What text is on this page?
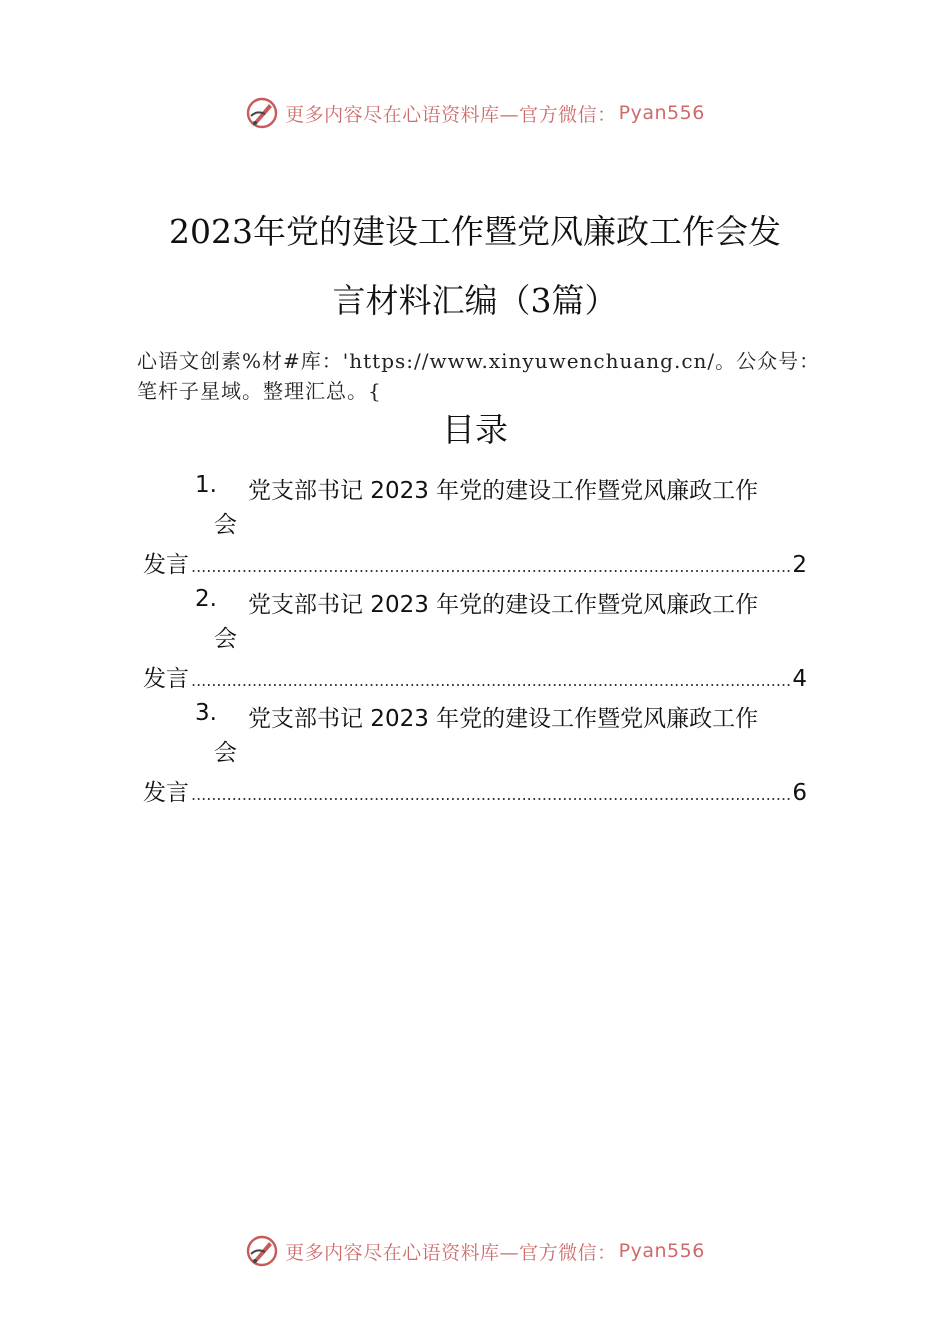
更多内容尽在心语资料库—官方微信： Pyan556
2023年党的建设工作暨党风廉政工作会发
言材料汇编（3篇）
心语文创素%材#库：'https://www.xinyuwenchuang.cn/。公众号：笔杆子星域。整理汇总。{
目录
1. 党支部书记 2023 年党的建设工作暨党风廉政工作
会
发言 .....	2
2. 党支部书记 2023 年党的建设工作暨党风廉政工作
会
发言 .....	4
3. 党支部书记 2023 年党的建设工作暨党风廉政工作
会
发言 .....	6
更多内容尽在心语资料库—官方微信： Pyan556
